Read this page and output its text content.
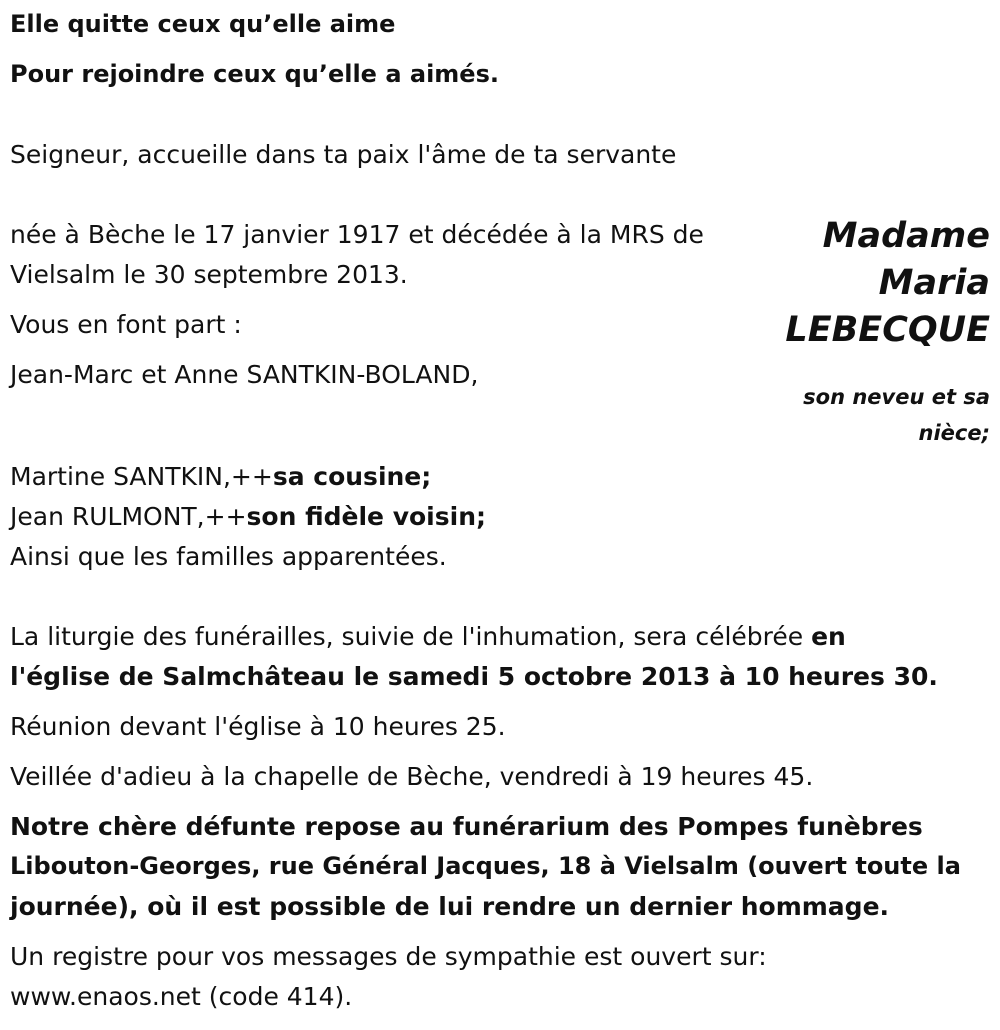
Elle quitte ceux qu’elle aime
Pour rejoindre ceux qu’elle a aimés.
Seigneur, accueille dans ta paix l'âme de ta servante
Madame
Maria
LEBECQUE
née à Bèche le 17 janvier 1917 et décédée à la MRS de
Vielsalm le 30 septembre 2013.
Vous en font part :
Jean-Marc et Anne SANTKIN-BOLAND,
son neveu et sa
nièce;
Martine SANTKIN,++sa cousine;
Jean RULMONT,++son fidèle voisin;
Ainsi que les familles apparentées.
La liturgie des funérailles, suivie de l'inhumation, sera célébrée en
l'église de Salmchâteau le samedi 5 octobre 2013 à 10 heures 30.
Réunion devant l'église à 10 heures 25.
Veillée d'adieu à la chapelle de Bèche, vendredi à 19 heures 45.
Notre chère défunte repose au funérarium des Pompes funèbres
Libouton-Georges, rue Général Jacques, 18 à Vielsalm (ouvert toute la
journée), où il est possible de lui rendre un dernier hommage.
Un registre pour vos messages de sympathie est ouvert sur:
www.enaos.net (code 414).
